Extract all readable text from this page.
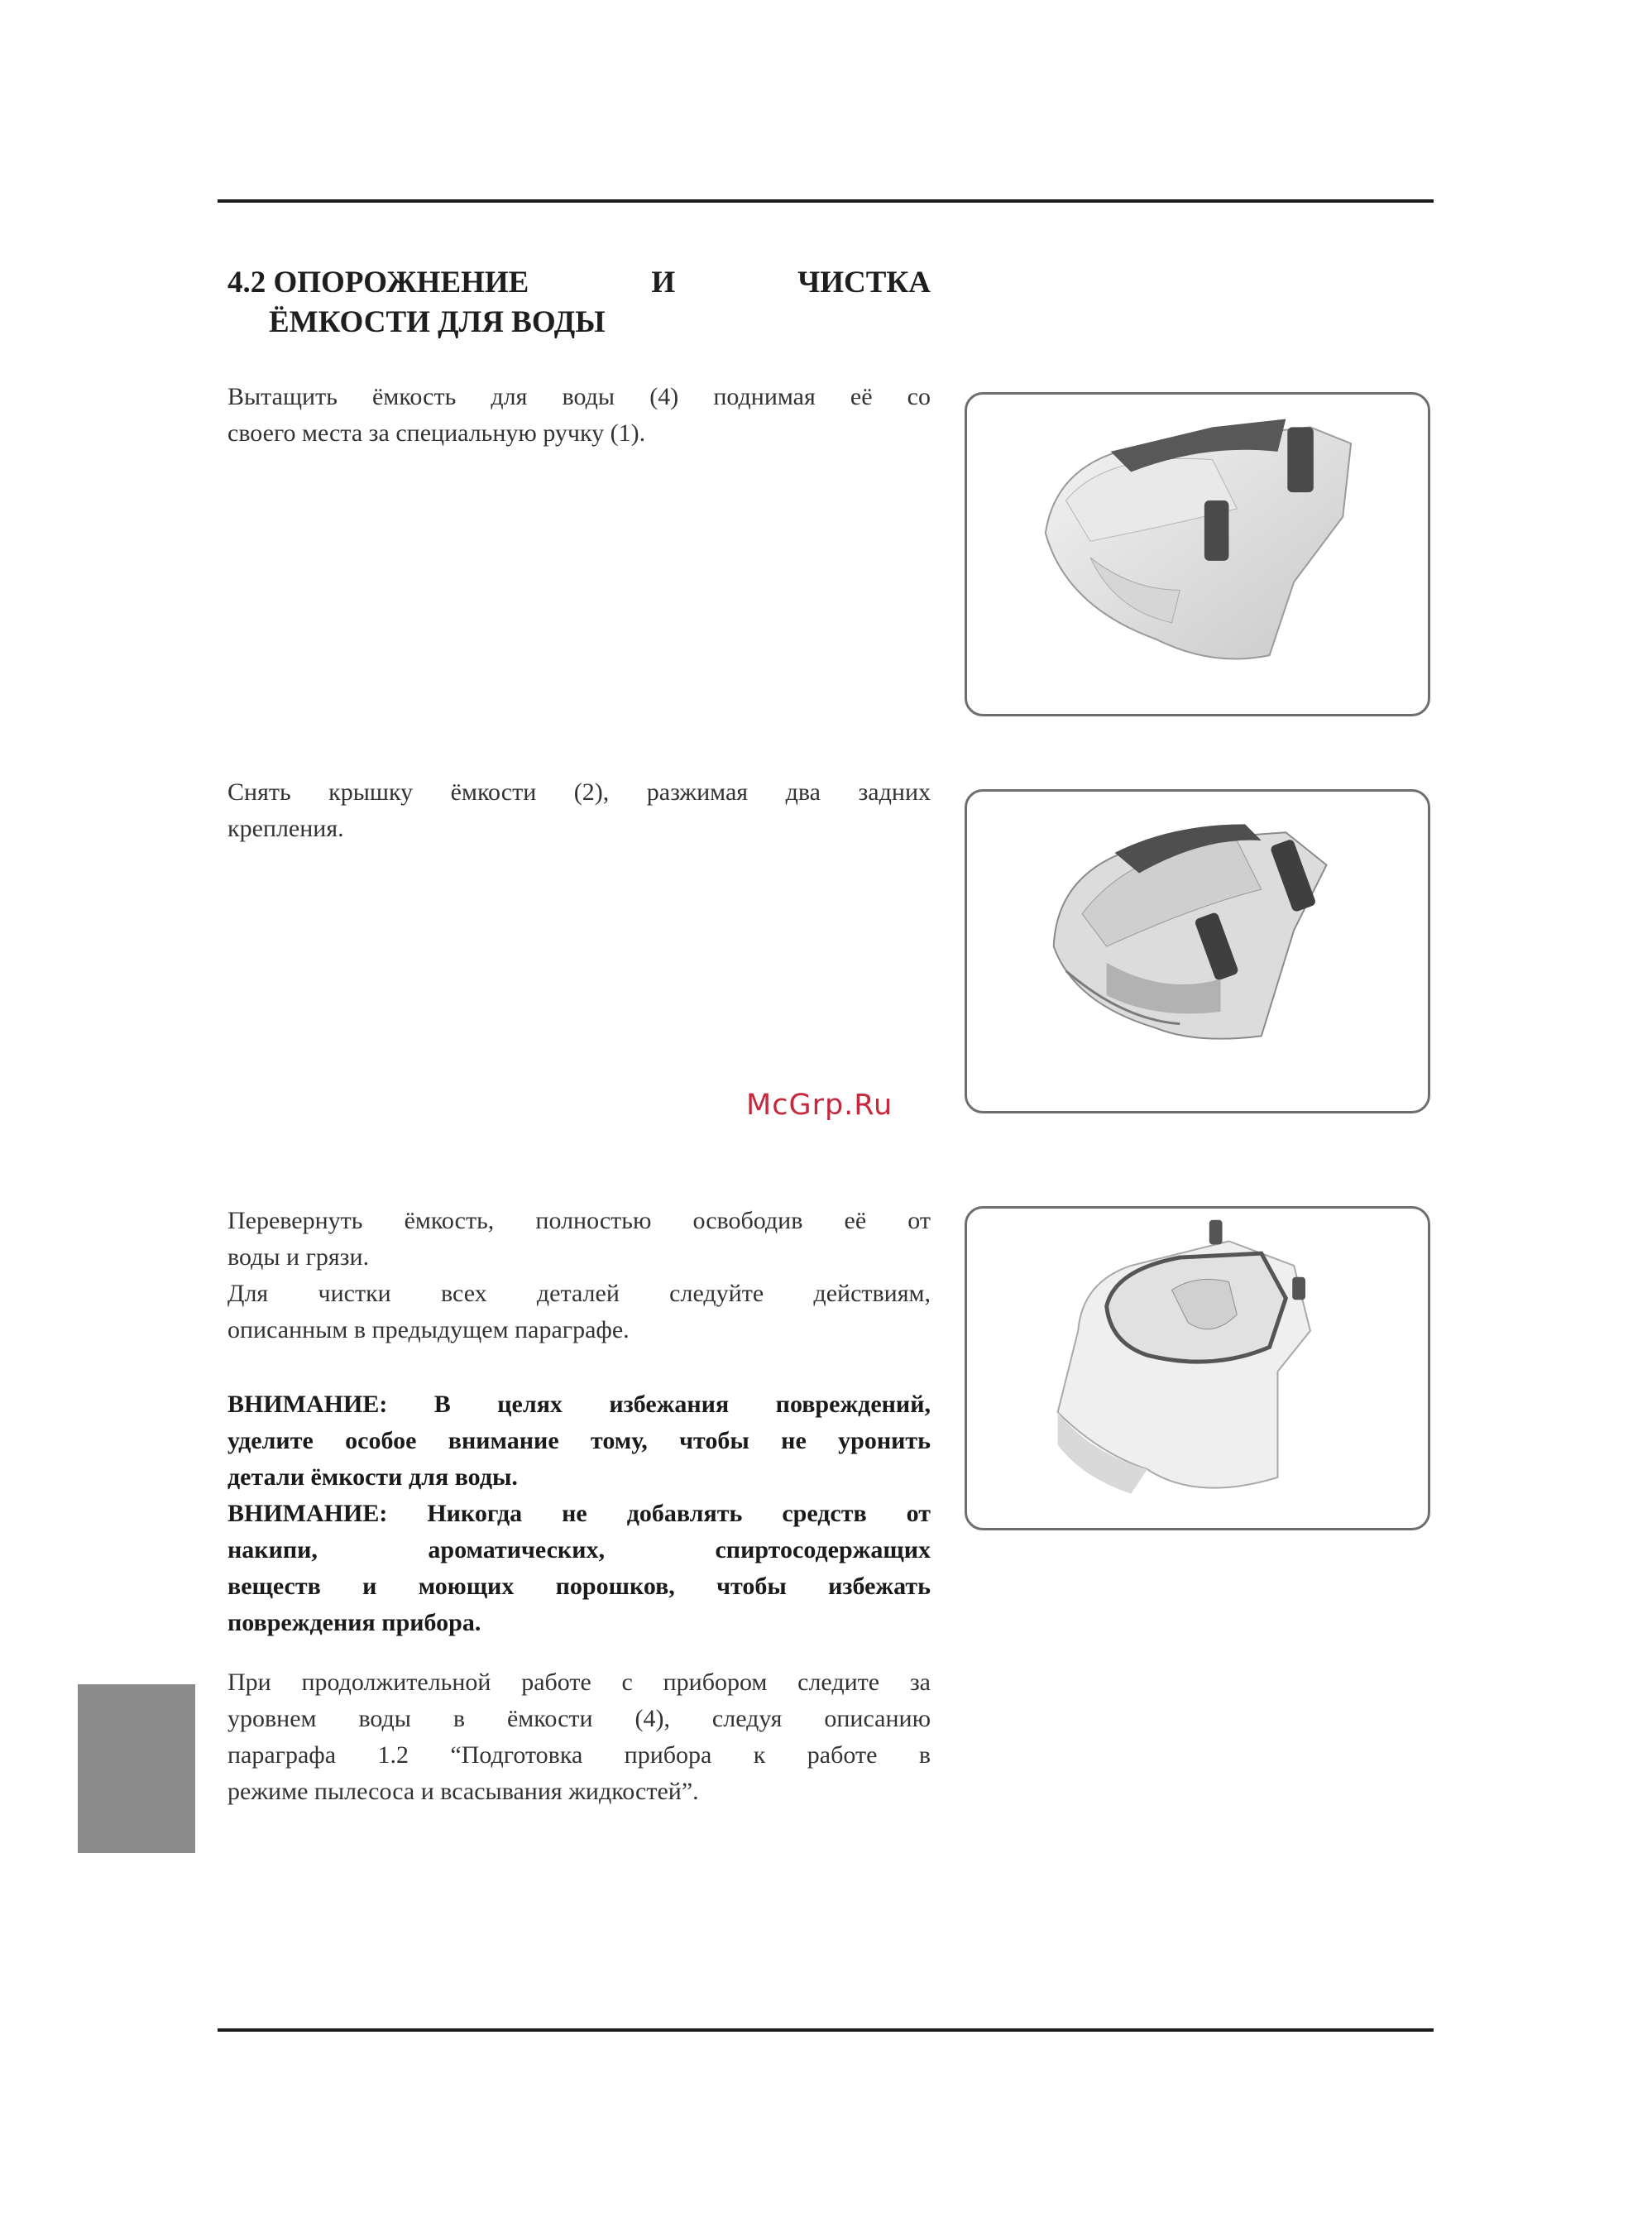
4.2 ОПОРОЖНЕНИЕ	И	ЧИСТКА
ЁМКОСТИ ДЛЯ ВОДЫ
Вытащить ёмкость для воды (4) поднимая её со
своего места за специальную ручку (1).
Снять крышку ёмкости (2), разжимая два задних
крепления.
McGrp.Ru
Перевернуть ёмкость, полностью освободив её от
воды и грязи.
Для чистки всех деталей следуйте действиям,
описанным в предыдущем параграфе.
ВНИМАНИЕ: В целях избежания повреждений,
уделите особое внимание тому, чтобы не уронить
детали ёмкости для воды.
ВНИМАНИЕ: Никогда не добавлять средств от
накипи, ароматических, спиртосодержащих
веществ и моющих порошков, чтобы избежать
повреждения прибора.
При продолжительной работе с прибором следите за
уровнем воды в ёмкости (4), следуя описанию
параграфа 1.2 “Подготовка прибора к работе в
режиме пылесоса и всасывания жидкостей”.
